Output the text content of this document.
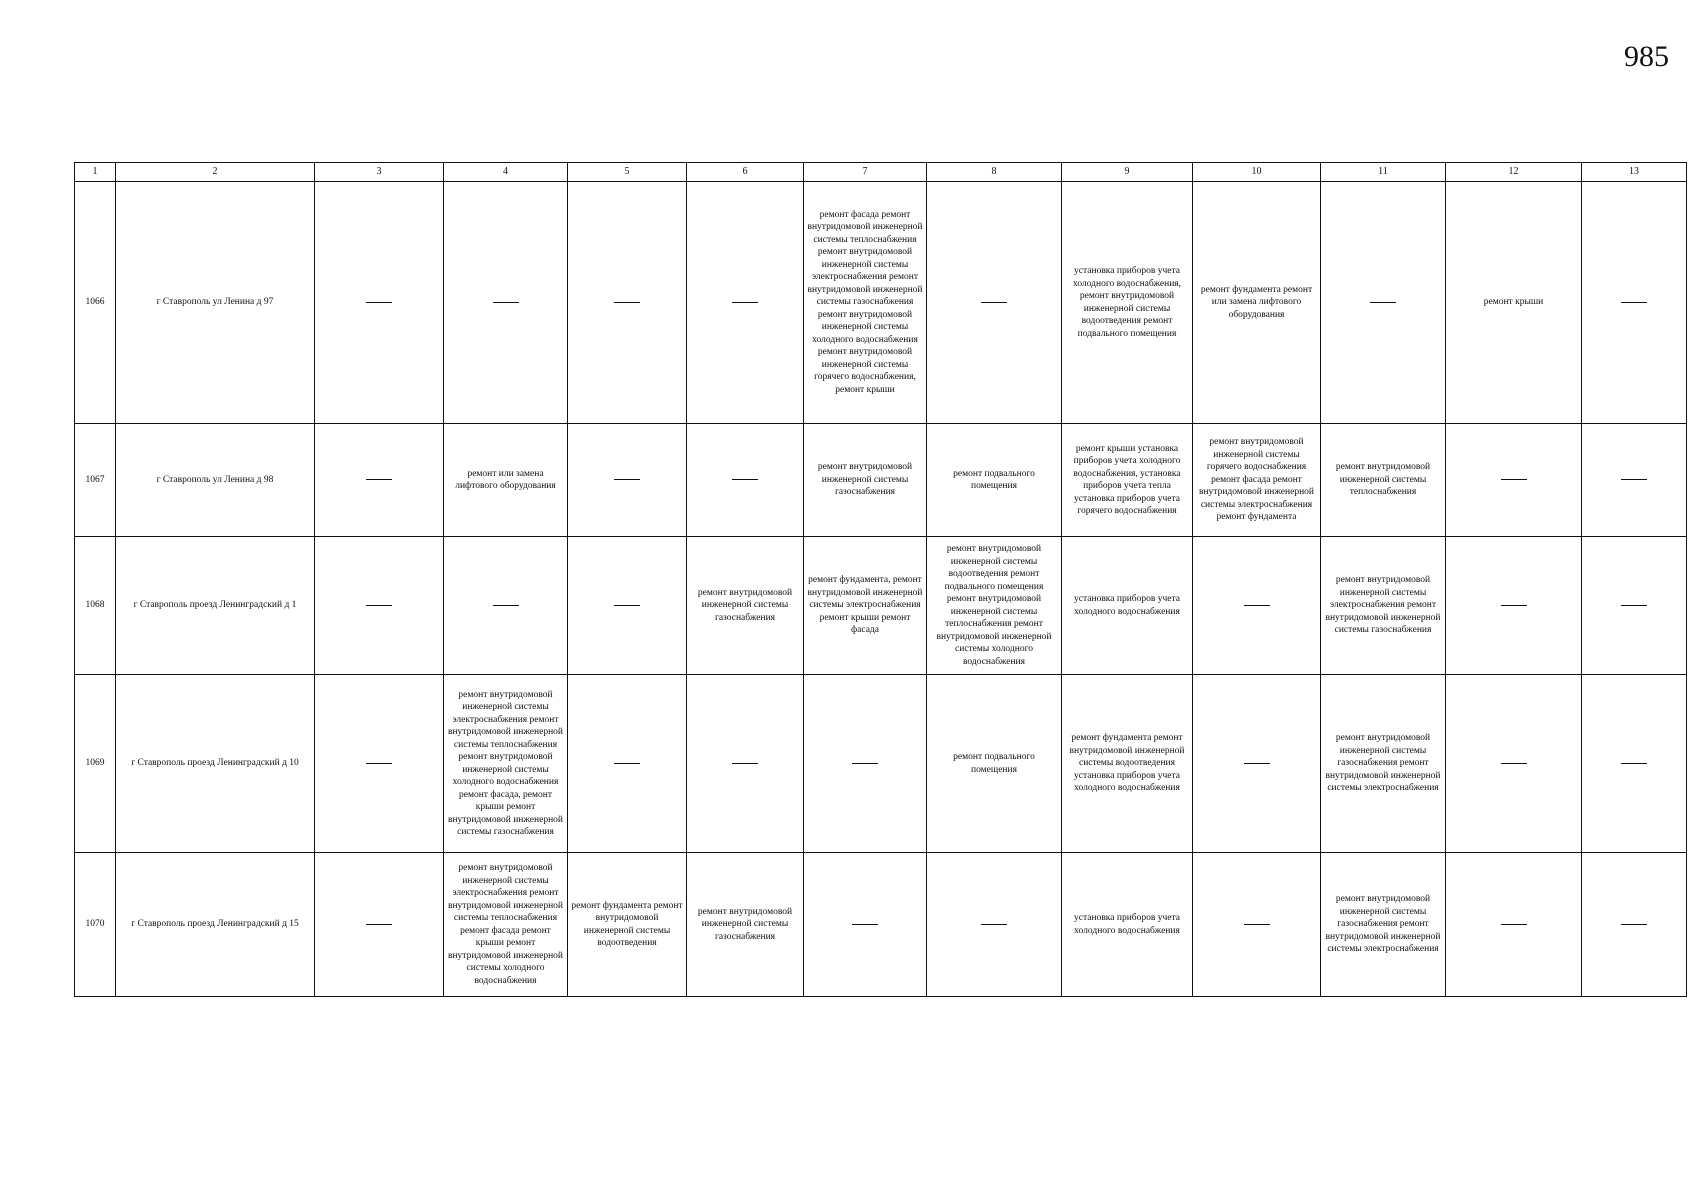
985
1	2	3	4	5	6	7	8	9	10	11	12	13
1066	г Ставрополь ул Ленина д 97					ремонт фасада ремонт внутридомовой инженерной системы теплоснабжения ремонт внутридомовой инженерной системы электроснабжения ремонт внутридомовой инженерной системы газоснабжения ремонт внутридомовой инженерной системы холодного водоснабжения ремонт внутридомовой инженерной системы горячего водоснабжения, ремонт крыши		установка приборов учета холодного водоснабжения, ремонт внутридомовой инженерной системы водоотведения ремонт подвального помещения	ремонт фундамента ремонт или замена лифтового оборудования		ремонт крыши	
1067	г Ставрополь ул Ленина д 98		ремонт или замена лифтового оборудования			ремонт внутридомовой инженерной системы газоснабжения	ремонт подвального помещения	ремонт крыши установка приборов учета холодного водоснабжения, установка приборов учета тепла установка приборов учета горячего водоснабжения	ремонт внутридомовой инженерной системы горячего водоснабжения ремонт фасада ремонт внутридомовой инженерной системы электроснабжения ремонт фундамента	ремонт внутридомовой инженерной системы теплоснабжения		
1068	г Ставрополь проезд Ленинградский д 1				ремонт внутридомовой инженерной системы газоснабжения	ремонт фундамента, ремонт внутридомовой инженерной системы электроснабжения ремонт крыши ремонт фасада	ремонт внутридомовой инженерной системы водоотведения ремонт подвального помещения ремонт внутридомовой инженерной системы теплоснабжения ремонт внутридомовой инженерной системы холодного водоснабжения	установка приборов учета холодного водоснабжения		ремонт внутридомовой инженерной системы электроснабжения ремонт внутридомовой инженерной системы газоснабжения		
1069	г Ставрополь проезд Ленинградский д 10		ремонт внутридомовой инженерной системы электроснабжения ремонт внутридомовой инженерной системы теплоснабжения ремонт внутридомовой инженерной системы холодного водоснабжения ремонт фасада, ремонт крыши ремонт внутридомовой инженерной системы газоснабжения				ремонт подвального помещения	ремонт фундамента ремонт внутридомовой инженерной системы водоотведения установка приборов учета холодного водоснабжения		ремонт внутридомовой инженерной системы газоснабжения ремонт внутридомовой инженерной системы электроснабжения		
1070	г Ставрополь проезд Ленинградский д 15		ремонт внутридомовой инженерной системы электроснабжения ремонт внутридомовой инженерной системы теплоснабжения ремонт фасада ремонт крыши ремонт внутридомовой инженерной системы холодного водоснабжения	ремонт фундамента ремонт внутридомовой инженерной системы водоотведения	ремонт внутридомовой инженерной системы газоснабжения			установка приборов учета холодного водоснабжения		ремонт внутридомовой инженерной системы газоснабжения ремонт внутридомовой инженерной системы электроснабжения		
